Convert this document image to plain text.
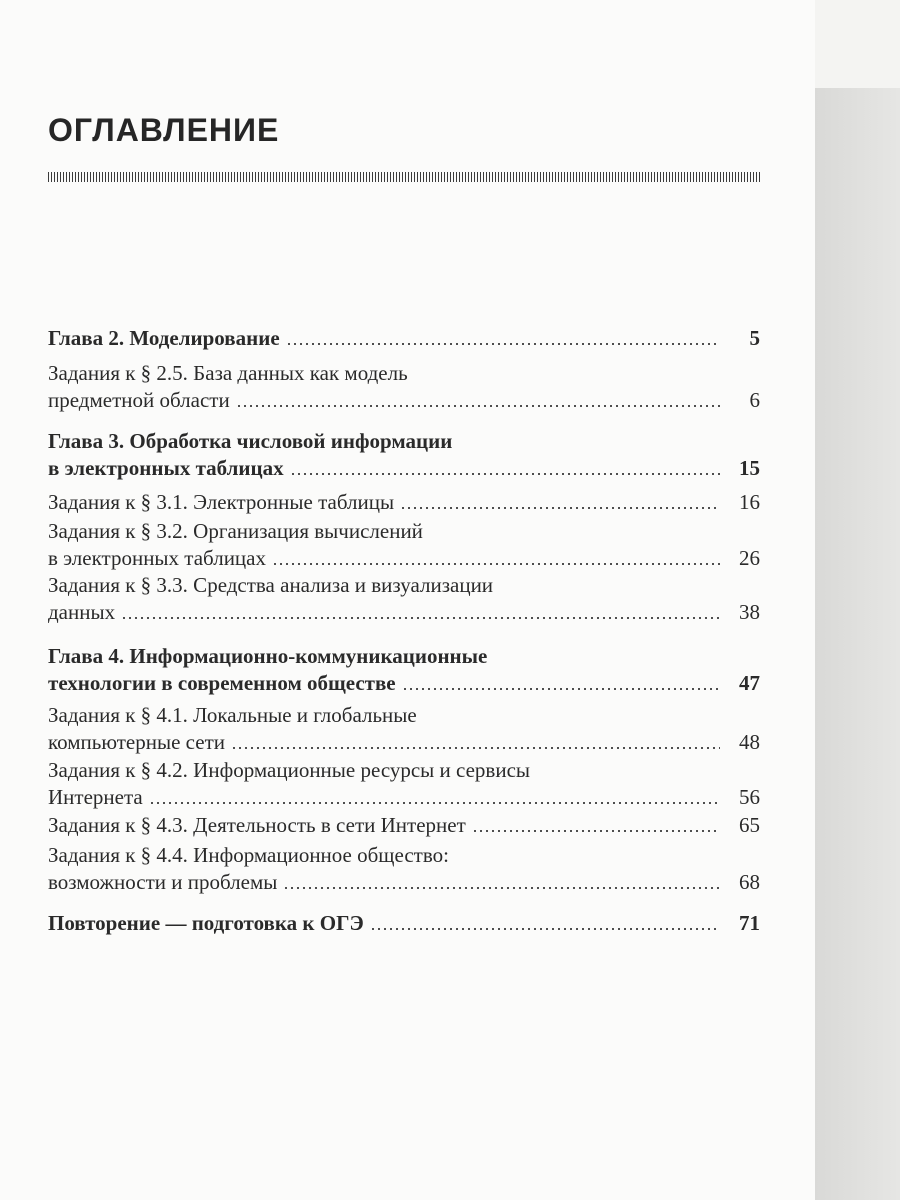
ОГЛАВЛЕНИЕ
Глава 2. Моделирование	5
Задания к § 2.5. База данных как модель
предметной области	6
Глава 3. Обработка числовой информации
в электронных таблицах	15
Задания к § 3.1. Электронные таблицы	16
Задания к § 3.2. Организация вычислений
в электронных таблицах	26
Задания к § 3.3. Средства анализа и визуализации
данных	38
Глава 4. Информационно-коммуникационные
технологии в современном обществе	47
Задания к § 4.1. Локальные и глобальные
компьютерные сети	48
Задания к § 4.2. Информационные ресурсы и сервисы
Интернета	56
Задания к § 4.3. Деятельность в сети Интернет	65
Задания к § 4.4. Информационное общество:
возможности и проблемы	68
Повторение — подготовка к ОГЭ	71
